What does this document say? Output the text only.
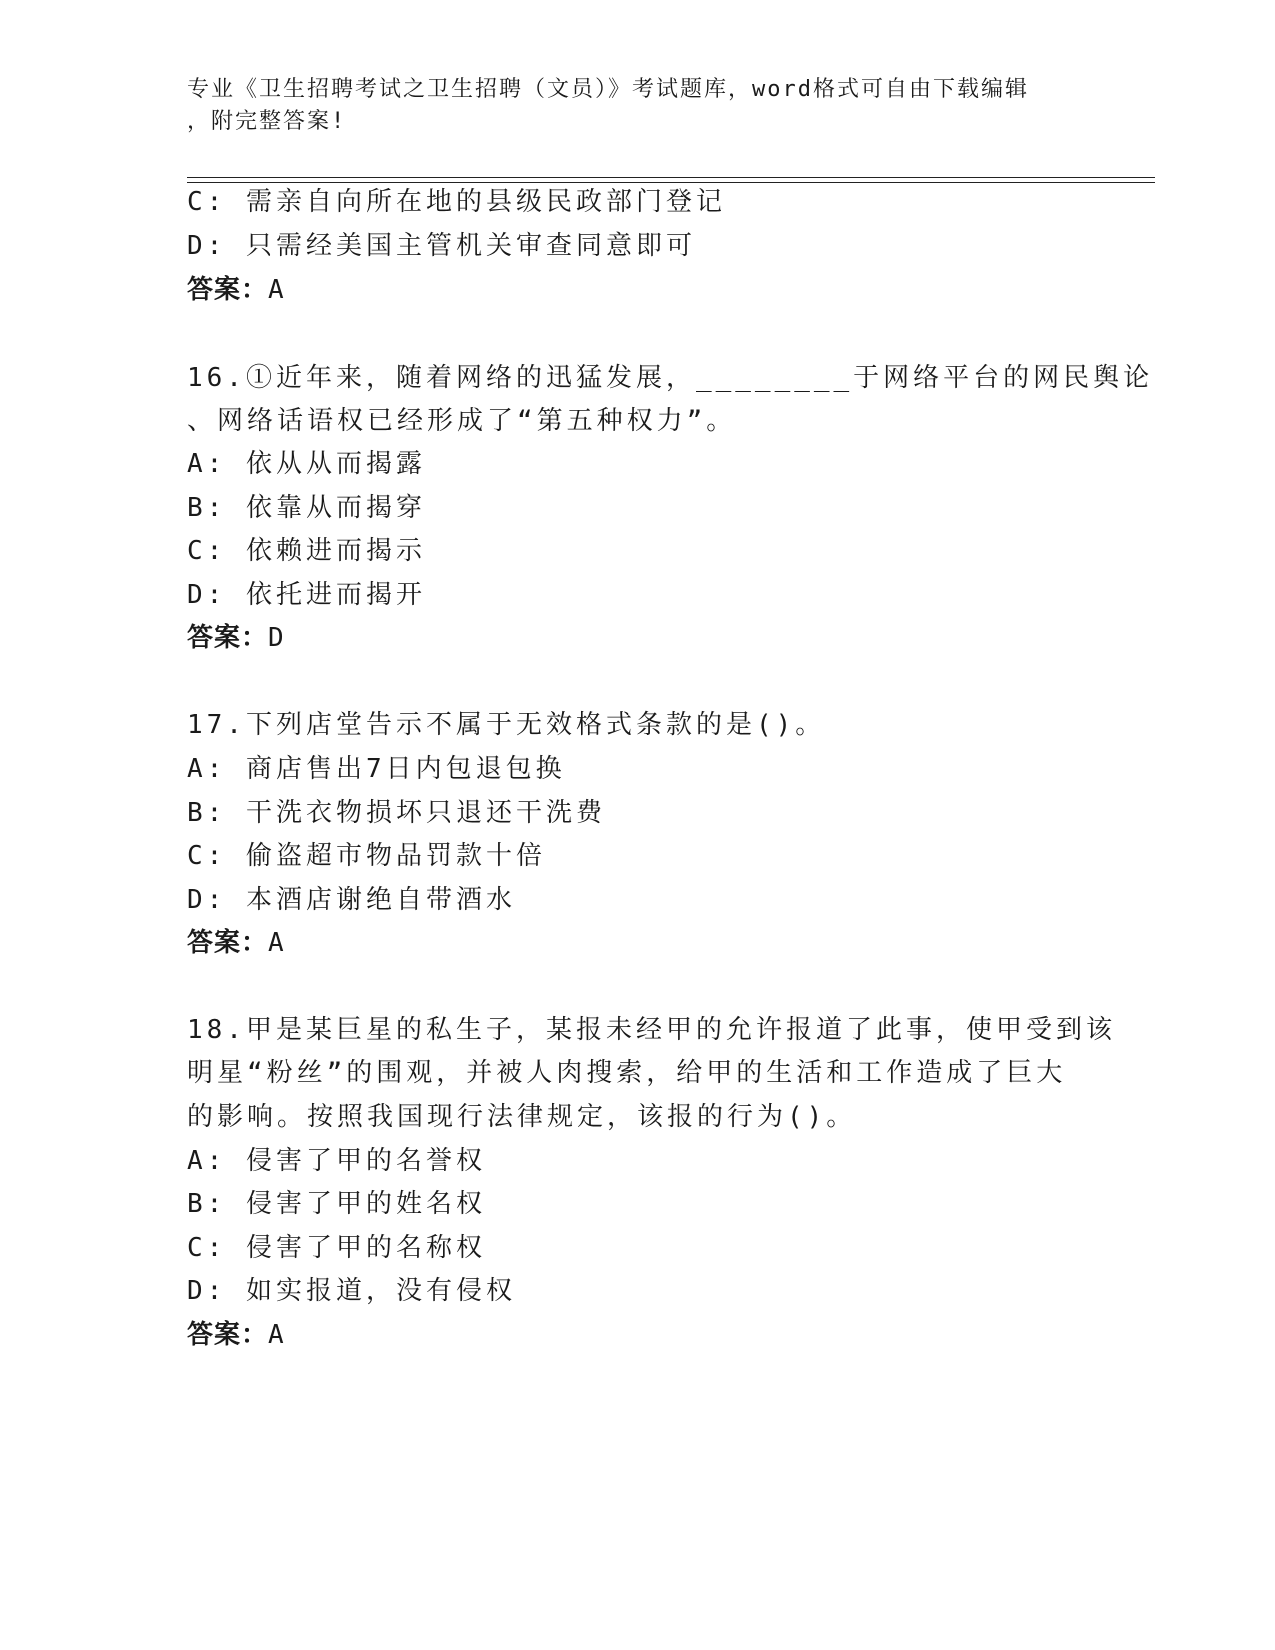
专业《卫生招聘考试之卫生招聘（文员）》考试题库，word格式可自由下载编辑
，附完整答案!
C: 需亲自向所在地的县级民政部门登记
D: 只需经美国主管机关审查同意即可
答案：A
16.①近年来，随着网络的迅猛发展，________于网络平台的网民舆论
、网络话语权已经形成了“第五种权力”。
A: 依从从而揭露
B: 依靠从而揭穿
C: 依赖进而揭示
D: 依托进而揭开
答案：D
17.下列店堂告示不属于无效格式条款的是()。
A: 商店售出7日内包退包换
B: 干洗衣物损坏只退还干洗费
C: 偷盗超市物品罚款十倍
D: 本酒店谢绝自带酒水
答案：A
18.甲是某巨星的私生子，某报未经甲的允许报道了此事，使甲受到该
明星“粉丝”的围观，并被人肉搜索，给甲的生活和工作造成了巨大
的影响。按照我国现行法律规定，该报的行为()。
A: 侵害了甲的名誉权
B: 侵害了甲的姓名权
C: 侵害了甲的名称权
D: 如实报道，没有侵权
答案：A
